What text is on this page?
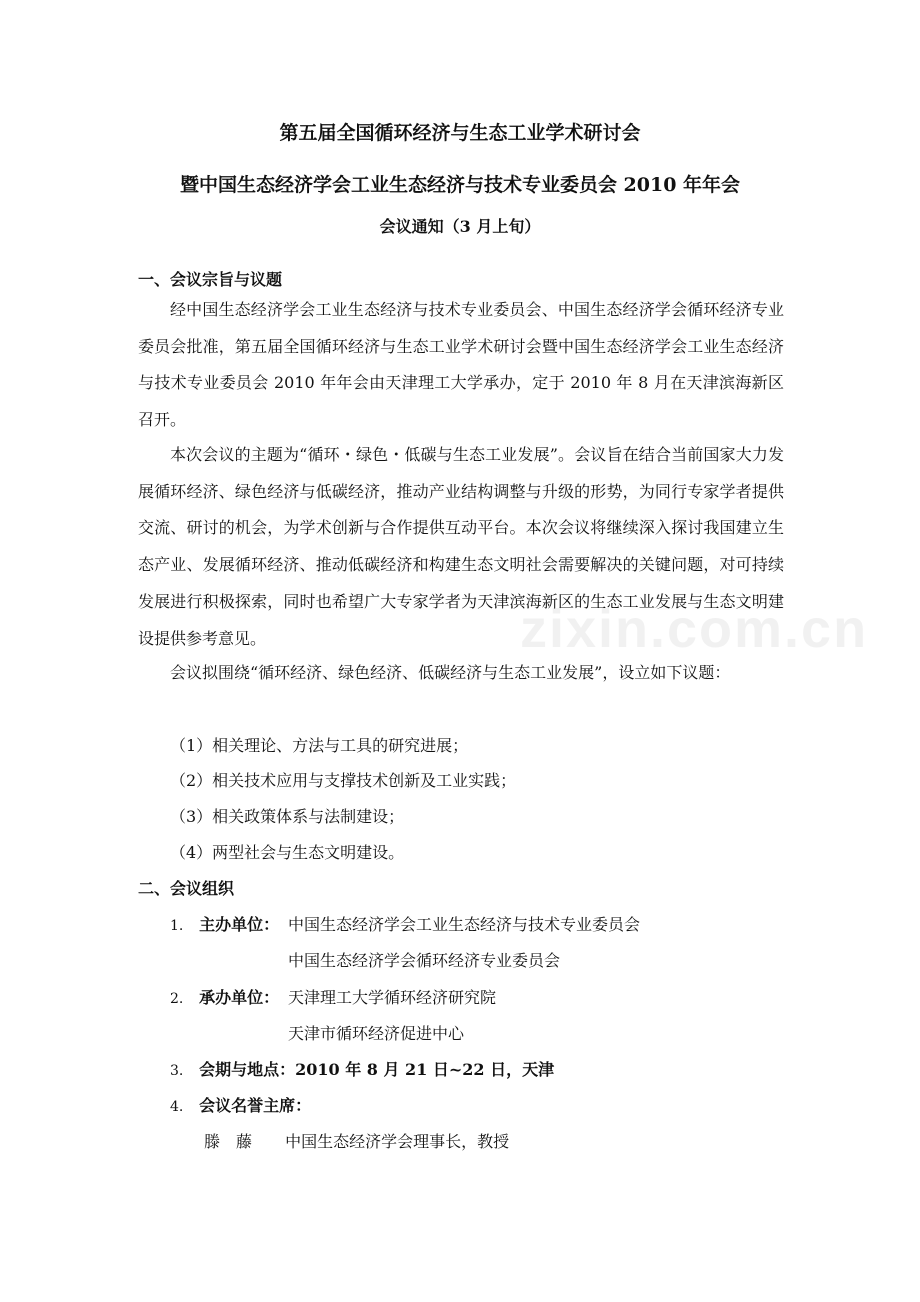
zixin.com.cn
第五届全国循环经济与生态工业学术研讨会
暨中国生态经济学会工业生态经济与技术专业委员会 2010 年年会
会议通知（3 月上旬）
一、会议宗旨与议题

经中国生态经济学会工业生态经济与技术专业委员会、中国生态经济学会循环经济专业委员会批准，第五届全国循环经济与生态工业学术研讨会暨中国生态经济学会工业生态经济与技术专业委员会 2010 年年会由天津理工大学承办，定于 2010 年 8 月在天津滨海新区召开。

本次会议的主题为“循环・绿色・低碳与生态工业发展”。会议旨在结合当前国家大力发展循环经济、绿色经济与低碳经济，推动产业结构调整与升级的形势，为同行专家学者提供交流、研讨的机会，为学术创新与合作提供互动平台。本次会议将继续深入探讨我国建立生态产业、发展循环经济、推动低碳经济和构建生态文明社会需要解决的关键问题，对可持续发展进行积极探索，同时也希望广大专家学者为天津滨海新区的生态工业发展与生态文明建设提供参考意见。

会议拟围绕“循环经济、绿色经济、低碳经济与生态工业发展”，设立如下议题：

（1）相关理论、方法与工具的研究进展；
（2）相关技术应用与支撑技术创新及工业实践；
（3）相关政策体系与法制建设；
（4）两型社会与生态文明建设。
二、会议组织
1. 主办单位： 中国生态经济学会工业生态经济与技术专业委员会
中国生态经济学会循环经济专业委员会
2. 承办单位： 天津理工大学循环经济研究院
天津市循环经济促进中心
3. 会期与地点：2010 年 8 月 21 日~22 日，天津
4. 会议名誉主席：
滕藤 中国生态经济学会理事长，教授
